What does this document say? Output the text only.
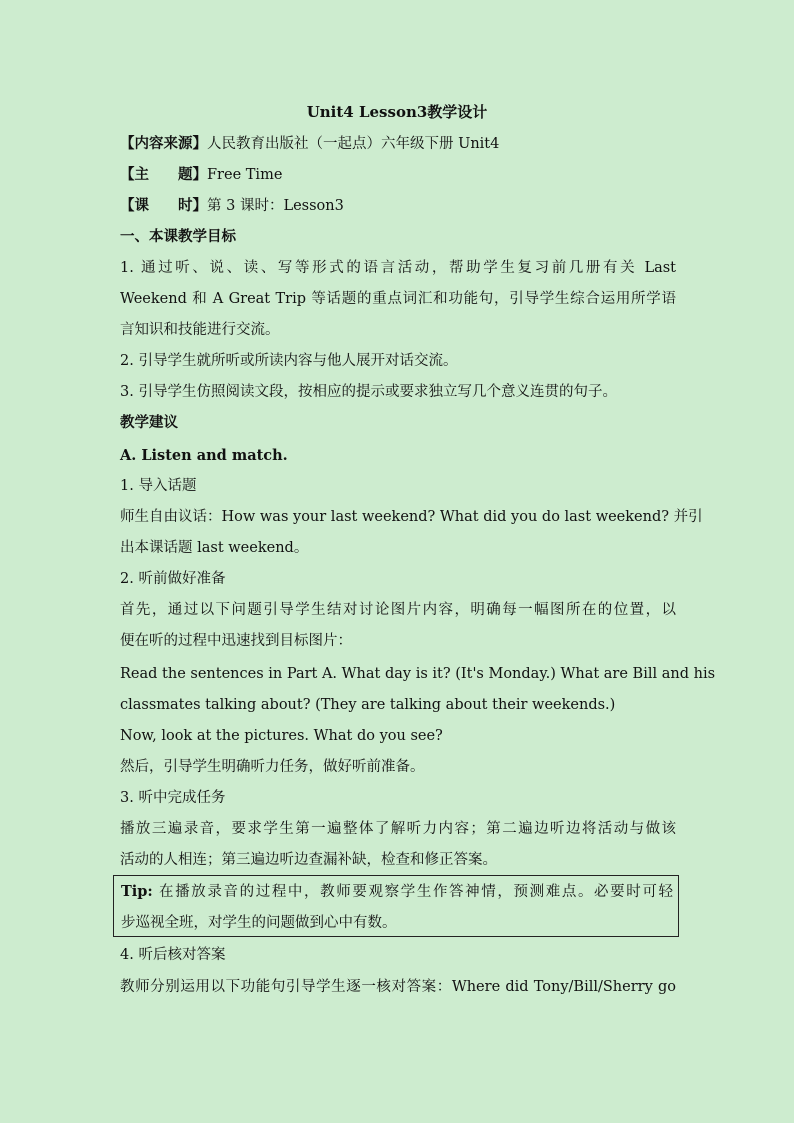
Unit4 Lesson3教学设计
【内容来源】人民教育出版社（一起点）六年级下册 Unit4
【主　　题】Free Time
【课　　时】第 3 课时：Lesson3
一、本课教学目标
1. 通过听、说、读、写等形式的语言活动，帮助学生复习前几册有关 Last
Weekend 和 A Great Trip 等话题的重点词汇和功能句，引导学生综合运用所学语
言知识和技能进行交流。
2. 引导学生就所听或所读内容与他人展开对话交流。
3. 引导学生仿照阅读文段，按相应的提示或要求独立写几个意义连贯的句子。
教学建议
A. Listen and match.
1. 导入话题
师生自由议话：How was your last weekend? What did you do last weekend? 并引
出本课话题 last weekend。
2. 听前做好准备
首先，通过以下问题引导学生结对讨论图片内容，明确每一幅图所在的位置，以
便在听的过程中迅速找到目标图片：
Read the sentences in Part A. What day is it? (It's Monday.) What are Bill and his
classmates talking about? (They are talking about their weekends.)
Now, look at the pictures. What do you see?
然后，引导学生明确听力任务，做好听前准备。
3. 听中完成任务
播放三遍录音，要求学生第一遍整体了解听力内容；第二遍边听边将活动与做该
活动的人相连；第三遍边听边查漏补缺，检查和修正答案。
Tip: 在播放录音的过程中，教师要观察学生作答神情，预测难点。必要时可轻
步巡视全班，对学生的问题做到心中有数。
4. 听后核对答案
教师分别运用以下功能句引导学生逐一核对答案：Where did Tony/Bill/Sherry go
